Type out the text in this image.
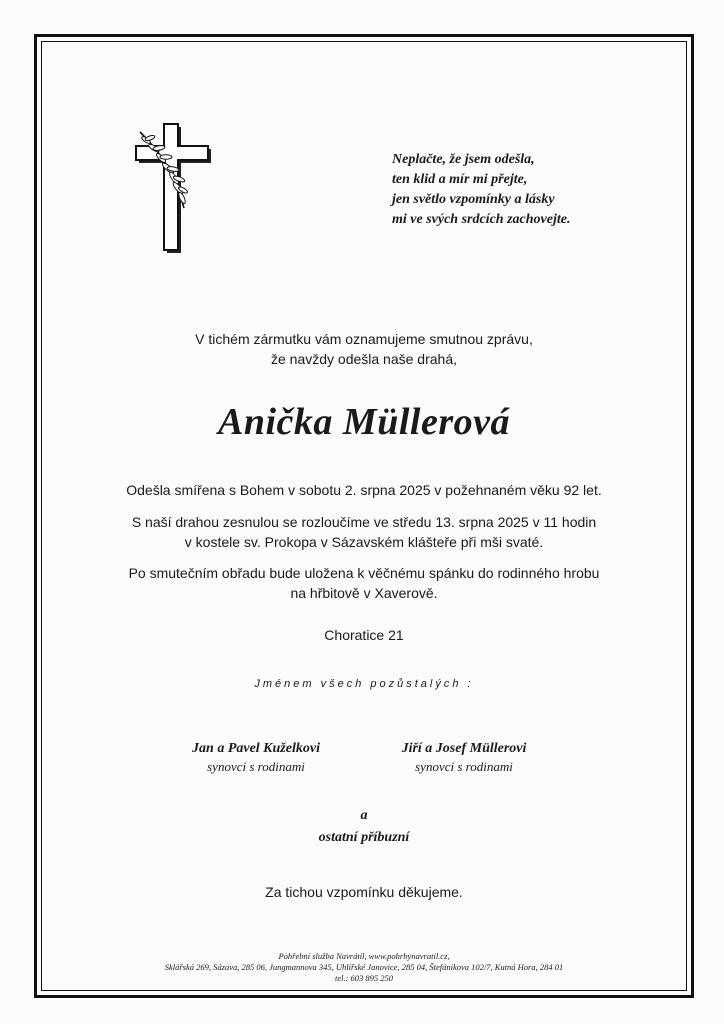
Neplačte, že jsem odešla,
ten klid a mír mi přejte,
jen světlo vzpomínky a lásky
mi ve svých srdcích zachovejte.
V tichém zármutku vám oznamujeme smutnou zprávu,
že navždy odešla naše drahá,
Anička Müllerová
Odešla smířena s Bohem v sobotu 2. srpna 2025 v požehnaném věku 92 let.
S naší drahou zesnulou se rozloučíme ve středu 13. srpna 2025 v 11 hodin
v kostele sv. Prokopa v Sázavském klášteře při mši svaté.
Po smutečním obřadu bude uložena k věčnému spánku do rodinného hrobu
na hřbitově v Xaverově.
Choratice 21
Jménem všech pozůstalých :
Jan a Pavel Kuželkovi
synovci s rodinami
Jiří a Josef Müllerovi
synovci s rodinami
a
ostatní příbuzní
Za tichou vzpomínku děkujeme.
Pohřební služba Navrátil, www.pohrbynavratil.cz,
Sklářská 269, Sázava, 285 06, Jungmannova 345, Uhlířské Janovice, 285 04, Štefánikova 102/7, Kutná Hora, 284 01
tel.: 603 895 250
